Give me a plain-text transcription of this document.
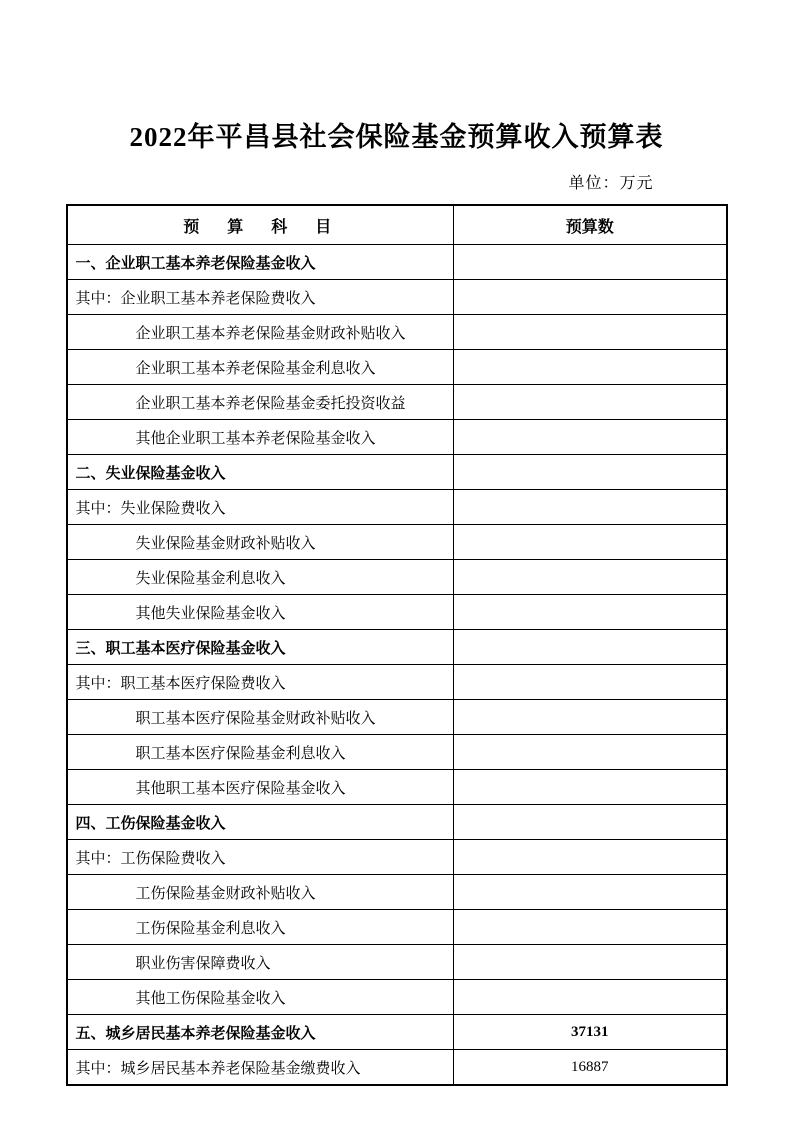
2022年平昌县社会保险基金预算收入预算表
单位：万元
预　算　科　目	预算数
一、企业职工基本养老保险基金收入	
其中：企业职工基本养老保险费收入	
企业职工基本养老保险基金财政补贴收入	
企业职工基本养老保险基金利息收入	
企业职工基本养老保险基金委托投资收益	
其他企业职工基本养老保险基金收入	
二、失业保险基金收入	
其中：失业保险费收入	
失业保险基金财政补贴收入	
失业保险基金利息收入	
其他失业保险基金收入	
三、职工基本医疗保险基金收入	
其中：职工基本医疗保险费收入	
职工基本医疗保险基金财政补贴收入	
职工基本医疗保险基金利息收入	
其他职工基本医疗保险基金收入	
四、工伤保险基金收入	
其中：工伤保险费收入	
工伤保险基金财政补贴收入	
工伤保险基金利息收入	
职业伤害保障费收入	
其他工伤保险基金收入	
五、城乡居民基本养老保险基金收入	37131
其中：城乡居民基本养老保险基金缴费收入	16887
